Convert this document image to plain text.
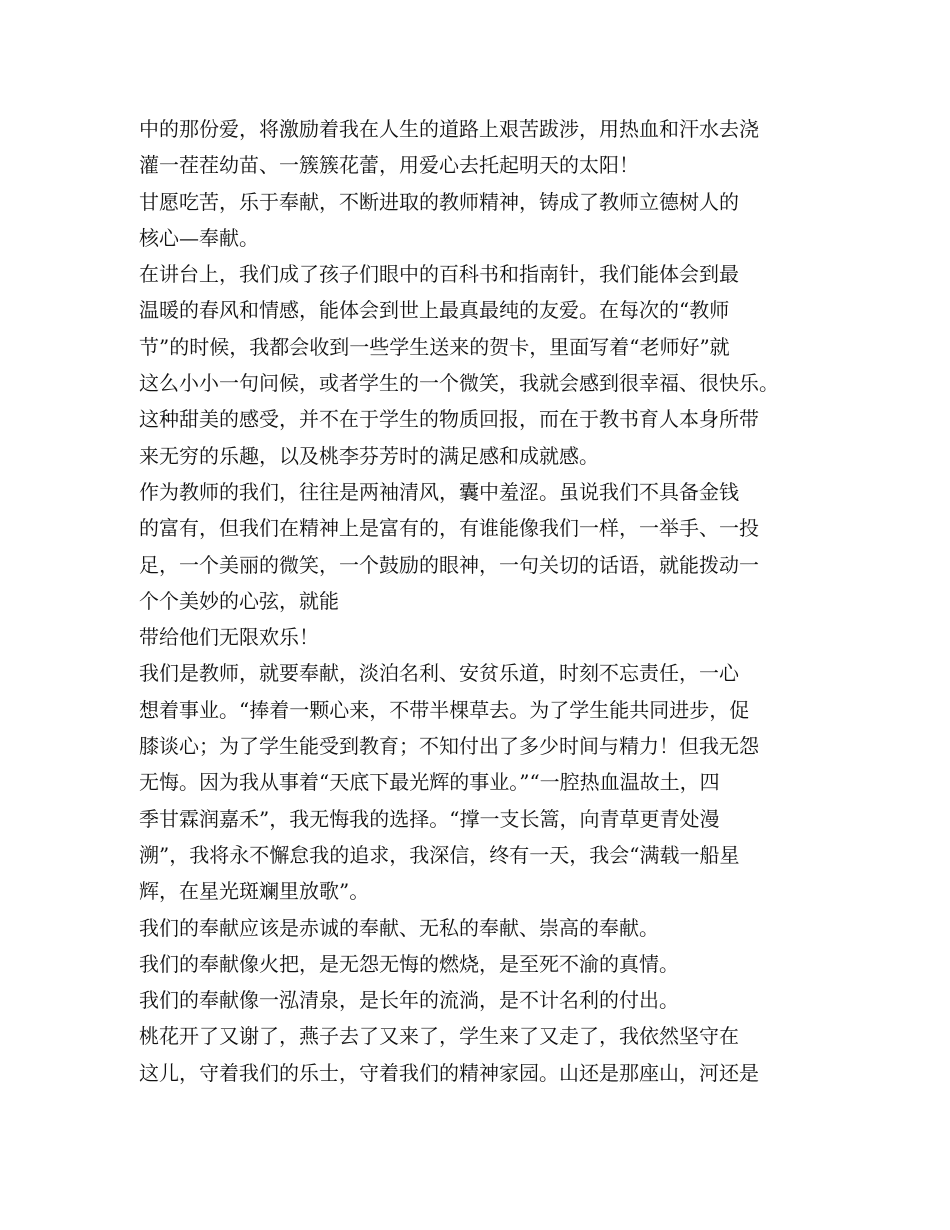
中的那份爱，将激励着我在人生的道路上艰苦跋涉，用热血和汗水去浇
灌一茬茬幼苗、一簇簇花蕾，用爱心去托起明天的太阳！
甘愿吃苦，乐于奉献，不断进取的教师精神，铸成了教师立德树人的
核心—奉献。
在讲台上，我们成了孩子们眼中的百科书和指南针，我们能体会到最
温暖的春风和情感，能体会到世上最真最纯的友爱。在每次的“教师
节”的时候，我都会收到一些学生送来的贺卡，里面写着“老师好”就
这么小小一句问候，或者学生的一个微笑，我就会感到很幸福、很快乐。
这种甜美的感受，并不在于学生的物质回报，而在于教书育人本身所带
来无穷的乐趣，以及桃李芬芳时的满足感和成就感。
作为教师的我们，往往是两袖清风，囊中羞涩。虽说我们不具备金钱
的富有，但我们在精神上是富有的，有谁能像我们一样，一举手、一投
足，一个美丽的微笑，一个鼓励的眼神，一句关切的话语，就能拨动一
个个美妙的心弦，就能
带给他们无限欢乐！
我们是教师，就要奉献，淡泊名利、安贫乐道，时刻不忘责任，一心
想着事业。“捧着一颗心来，不带半棵草去。为了学生能共同进步，促
膝谈心；为了学生能受到教育；不知付出了多少时间与精力！但我无怨
无悔。因为我从事着“天底下最光辉的事业。”“一腔热血温故土，四
季甘霖润嘉禾”，我无悔我的选择。“撑一支长篙，向青草更青处漫
溯”，我将永不懈怠我的追求，我深信，终有一天，我会“满载一船星
辉，在星光斑斓里放歌”。
我们的奉献应该是赤诚的奉献、无私的奉献、崇高的奉献。
我们的奉献像火把，是无怨无悔的燃烧，是至死不渝的真情。
我们的奉献像一泓清泉，是长年的流淌，是不计名利的付出。
桃花开了又谢了，燕子去了又来了，学生来了又走了，我依然坚守在
这儿，守着我们的乐士，守着我们的精神家园。山还是那座山，河还是
